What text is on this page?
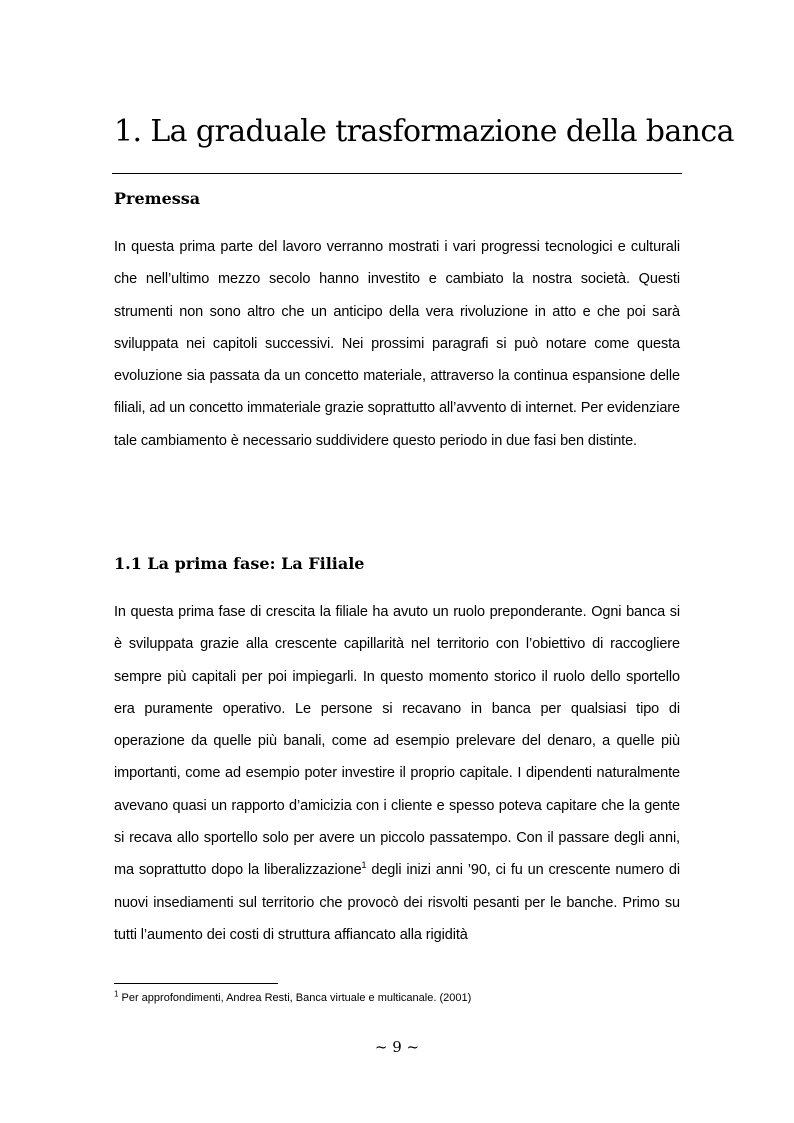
1. La graduale trasformazione della banca
Premessa

In questa prima parte del lavoro verranno mostrati i vari progressi tecnologici e culturali che nell’ultimo mezzo secolo hanno investito e cambiato la nostra società. Questi strumenti non sono altro che un anticipo della vera rivoluzione in atto e che poi sarà sviluppata nei capitoli successivi. Nei prossimi paragrafi si può notare come questa evoluzione sia passata da un concetto materiale, attraverso la continua espansione delle filiali, ad un concetto immateriale grazie soprattutto all’avvento di internet. Per evidenziare tale cambiamento è necessario suddividere questo periodo in due fasi ben distinte.

1.1 La prima fase: La Filiale

In questa prima fase di crescita la filiale ha avuto un ruolo preponderante. Ogni banca si è sviluppata grazie alla crescente capillarità nel territorio con l’obiettivo di raccogliere sempre più capitali per poi impiegarli. In questo momento storico il ruolo dello sportello era puramente operativo. Le persone si recavano in banca per qualsiasi tipo di operazione da quelle più banali, come ad esempio prelevare del denaro, a quelle più importanti, come ad esempio poter investire il proprio capitale. I dipendenti naturalmente avevano quasi un rapporto d’amicizia con i cliente e spesso poteva capitare che la gente si recava allo sportello solo per avere un piccolo passatempo. Con il passare degli anni, ma soprattutto dopo la liberalizzazione$^1$ degli inizi anni ’90, ci fu un crescente numero di nuovi insediamenti sul territorio che provocò dei risvolti pesanti per le banche. Primo su tutti l’aumento dei costi di struttura affiancato alla rigidità

$^1$ Per approfondimenti, Andrea Resti, Banca virtuale e multicanale. (2001)

~ 9 ~
